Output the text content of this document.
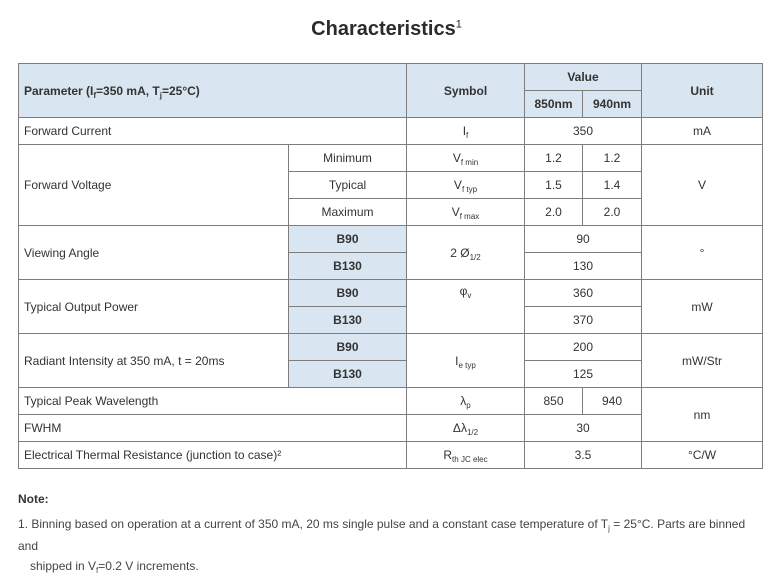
Characteristics$^1$
Parameter ($I_f=350$ mA, $T_j=25^\circ C$)		Symbol	Value		Unit
			850nm	940nm	
Forward Current		$I_f$	350		mA
Forward Voltage	Minimum	$V_{f min}$	1.2	1.2	V
	Typical	$V_{f typ}$	1.5	1.4	
	Maximum	$V_{f max}$	2.0	2.0	
Viewing Angle	B90	2 $Ø_{1/2}$	90		°
	B130		130		
Typical Output Power	B90	$\varphi_v$	360		mW
	B130		370		
Radiant Intensity at 350 mA, t = 20ms	B90	$I_{e typ}$	200		mW/Str
	B130		125		
Typical Peak Wavelength		$\lambda_p$	850	940	nm
FWHM		$\Delta\lambda_{1/2}$	30		
Electrical Thermal Resistance (junction to case)²		$R_{th JC elec}$	3.5		°C/W
Note:
1. Binning based on operation at a current of 350 mA, 20 ms single pulse and a constant case temperature of $T_j = 25^\circ C$. Parts are binned and
shipped in $V_f=0.2$ V increments.
